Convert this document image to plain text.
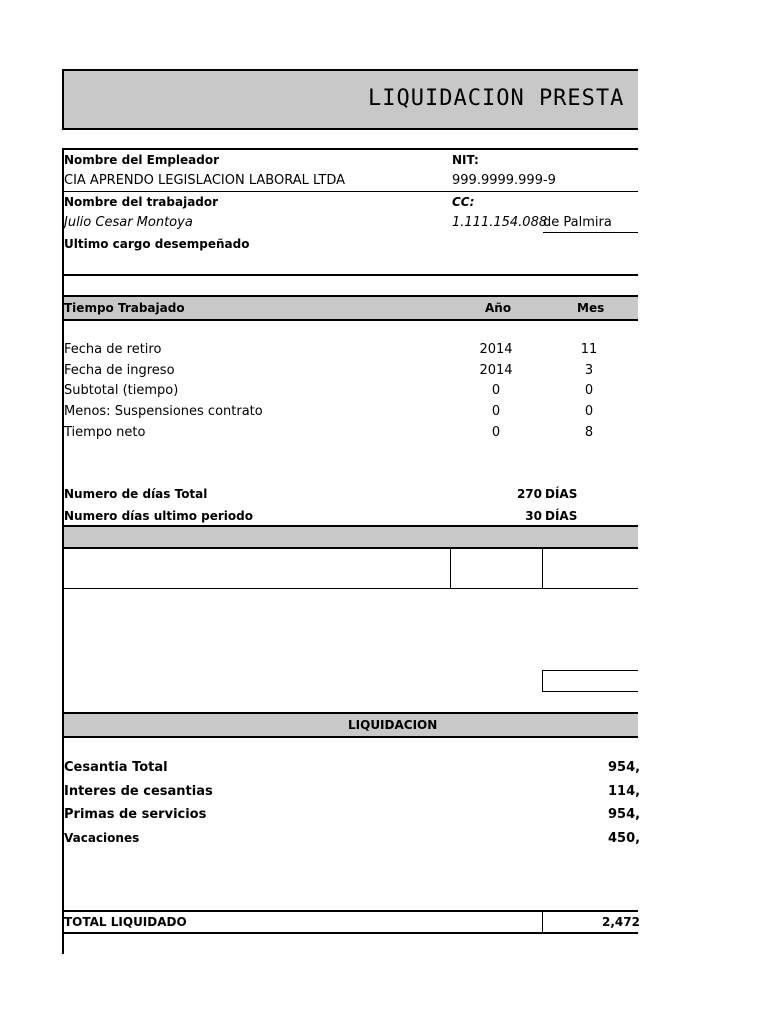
LIQUIDACION PRESTA
Nombre del Empleador	NIT:
CIA APRENDO LEGISLACION LABORAL LTDA	999.9999.999-9
Nombre del trabajador	CC:
Julio Cesar Montoya	1.111.154.088
de Palmira
Ultimo cargo desempeñado
Tiempo Trabajado	Año	Mes
Fecha de retiro	2014	11
Fecha de ingreso	2014	3
Subtotal (tiempo)	0	0
Menos: Suspensiones contrato	0	0
Tiempo neto	0	8
Numero de días Total	270 DÍAS
Numero días ultimo periodo	30 DÍAS
LIQUIDACION
Cesantia Total	954,
Interes de cesantias	114,
Primas de servicios	954,
Vacaciones	450,
TOTAL LIQUIDADO	2,472
